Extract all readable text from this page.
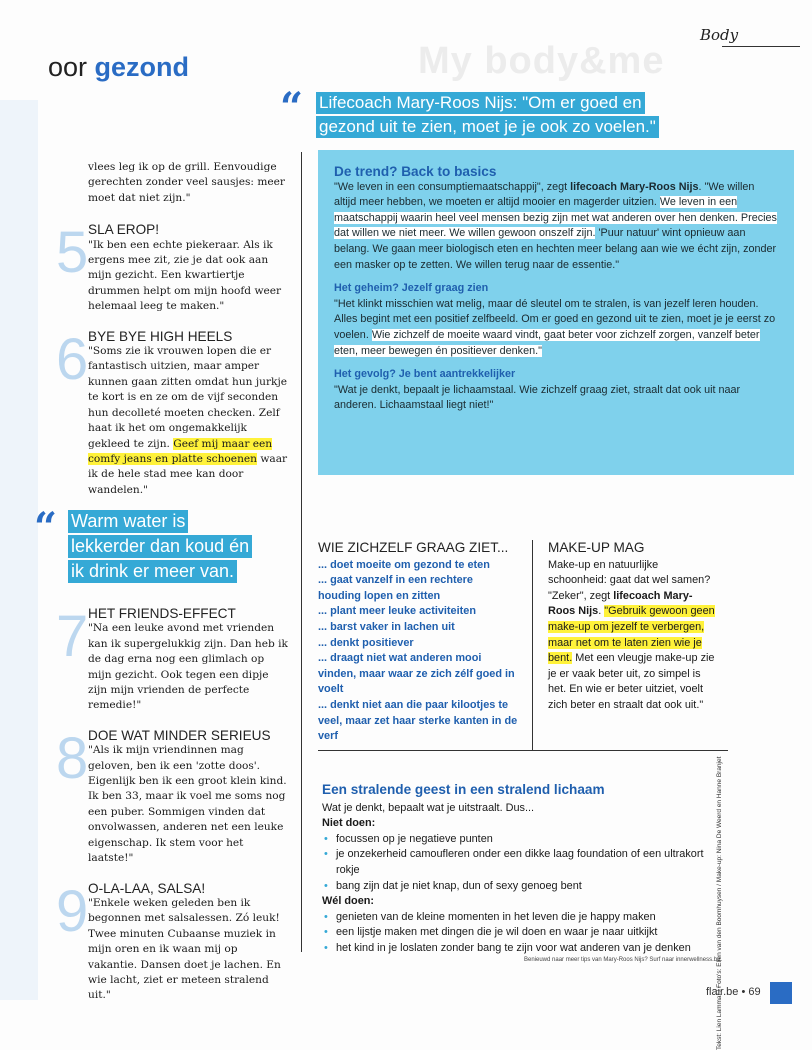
My body&me
Body
oor gezond
“ Lifecoach Mary-Roos Nijs: "Om er goed en
gezond uit te zien, moet je je ook zo voelen."

vlees leg ik op de grill. Eenvoudige gerechten zonder veel sausjes: meer moet dat niet zijn."

5 SLA EROP!

"Ik ben een echte piekeraar. Als ik ergens mee zit, zie je dat ook aan mijn gezicht. Een kwartiertje drummen helpt om mijn hoofd weer helemaal leeg te maken."

6 BYE BYE HIGH HEELS

"Soms zie ik vrouwen lopen die er fantastisch uitzien, maar amper kunnen gaan zitten omdat hun jurkje te kort is en ze om de vijf seconden hun decolleté moeten checken. Zelf haat ik het om ongemakkelijk gekleed te zijn. Geef mij maar een comfy jeans en platte schoenen waar ik de hele stad mee kan door wandelen."

“ Warm water is
lekkerder dan koud én
ik drink er meer van.
7 HET FRIENDS-EFFECT

"Na een leuke avond met vrienden kan ik supergelukkig zijn. Dan heb ik de dag erna nog een glimlach op mijn gezicht. Ook tegen een dipje zijn mijn vrienden de perfecte remedie!"

8 DOE WAT MINDER SERIEUS

"Als ik mijn vriendinnen mag geloven, ben ik een 'zotte doos'. Eigenlijk ben ik een groot klein kind. Ik ben 33, maar ik voel me soms nog een puber. Sommigen vinden dat onvolwassen, anderen net een leuke eigenschap. Ik stem voor het laatste!"

9 O-LA-LAA, SALSA!

"Enkele weken geleden ben ik begonnen met salsalessen. Zó leuk! Twee minuten Cubaanse muziek in mijn oren en ik waan mij op vakantie. Dansen doet je lachen. En wie lacht, ziet er meteen stralend uit."

De trend? Back to basics

"We leven in een consumptiemaatschappij", zegt lifecoach Mary-Roos Nijs. "We willen altijd meer hebben, we moeten er altijd mooier en magerder uitzien. We leven in een maatschappij waarin heel veel mensen bezig zijn met wat anderen over hen denken. Precies dat willen we niet meer. We willen gewoon onszelf zijn. 'Puur natuur' wint opnieuw aan belang. We gaan meer biologisch eten en hechten meer belang aan wie we écht zijn, zonder een masker op te zetten. We willen terug naar de essentie."

Het geheim? Jezelf graag zien

"Het klinkt misschien wat melig, maar dé sleutel om te stralen, is van jezelf leren houden. Alles begint met een positief zelfbeeld. Om er goed en gezond uit te zien, moet je je eerst zo voelen. Wie zichzelf de moeite waard vindt, gaat beter voor zichzelf zorgen, vanzelf beter eten, meer bewegen én positiever denken."

Het gevolg? Je bent aantrekkelijker

"Wat je denkt, bepaalt je lichaamstaal. Wie zichzelf graag ziet, straalt dat ook uit naar anderen. Lichaamstaal liegt niet!"

WIE ZICHZELF GRAAG ZIET...

... doet moeite om gezond te eten

... gaat vanzelf in een rechtere houding lopen en zitten

... plant meer leuke activiteiten

... barst vaker in lachen uit

... denkt positiever

... draagt niet wat anderen mooi vinden, maar waar ze zich zélf goed in voelt

... denkt niet aan die paar kilootjes te veel, maar zet haar sterke kanten in de verf

MAKE-UP MAG

Make-up en natuurlijke schoonheid: gaat dat wel samen? "Zeker", zegt lifecoach Mary-Roos Nijs. "Gebruik gewoon geen make-up om jezelf te verbergen, maar net om te laten zien wie je bent. Met een vleugje make-up zie je er vaak beter uit, zo simpel is het. En wie er beter uitziet, voelt zich beter en straalt dat ook uit."

Een stralende geest in een stralend lichaam

Wat je denkt, bepaalt wat je uitstraalt. Dus...

Niet doen:

• focussen op je negatieve punten

• je onzekerheid camoufleren onder een dikke laag foundation of een ultrakort rokje

• bang zijn dat je niet knap, dun of sexy genoeg bent

Wél doen:

• genieten van de kleine momenten in het leven die je happy maken

• een lijstje maken met dingen die je wil doen en waar je naar uitkijkt

• het kind in je loslaten zonder bang te zijn voor wat anderen van je denken

Benieuwd naar meer tips van Mary-Roos Nijs? Surf naar innerwellness.be.
Tekst: Lien Lammar / Foto's: Ellen van den Boomhuysen / Make-up: Nina De Weerd en Hanne Branjet
flair.be • 69
